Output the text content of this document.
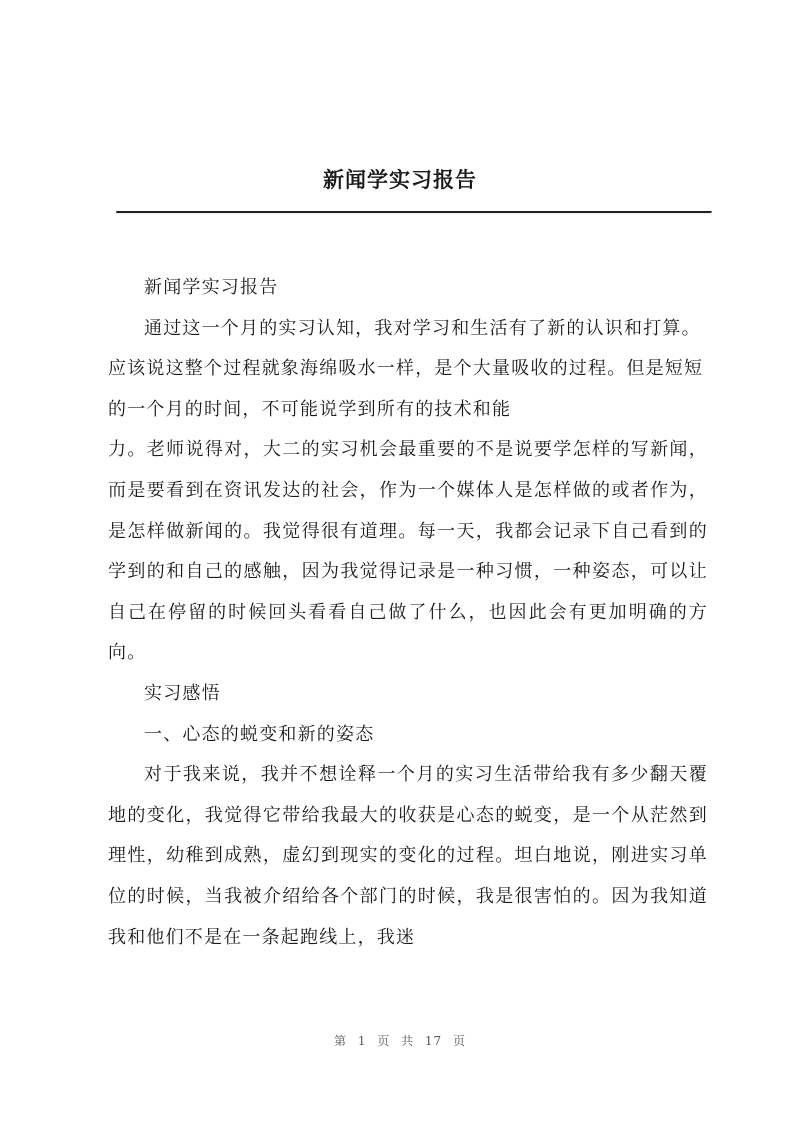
新闻学实习报告

新闻学实习报告

通过这一个月的实习认知，我对学习和生活有了新的认识和打算。应该说这整个过程就象海绵吸水一样，是个大量吸收的过程。但是短短的一个月的时间，不可能说学到所有的技术和能

力。老师说得对，大二的实习机会最重要的不是说要学怎样的写新闻，而是要看到在资讯发达的社会，作为一个媒体人是怎样做的或者作为，是怎样做新闻的。我觉得很有道理。每一天，我都会记录下自己看到的学到的和自己的感触，因为我觉得记录是一种习惯，一种姿态，可以让自己在停留的时候回头看看自己做了什么，也因此会有更加明确的方向。

实习感悟

一、心态的蜕变和新的姿态

对于我来说，我并不想诠释一个月的实习生活带给我有多少翻天覆地的变化，我觉得它带给我最大的收获是心态的蜕变，是一个从茫然到理性，幼稚到成熟，虚幻到现实的变化的过程。坦白地说，刚进实习单位的时候，当我被介绍给各个部门的时候，我是很害怕的。因为我知道我和他们不是在一条起跑线上，我迷

第 1 页 共 17 页
